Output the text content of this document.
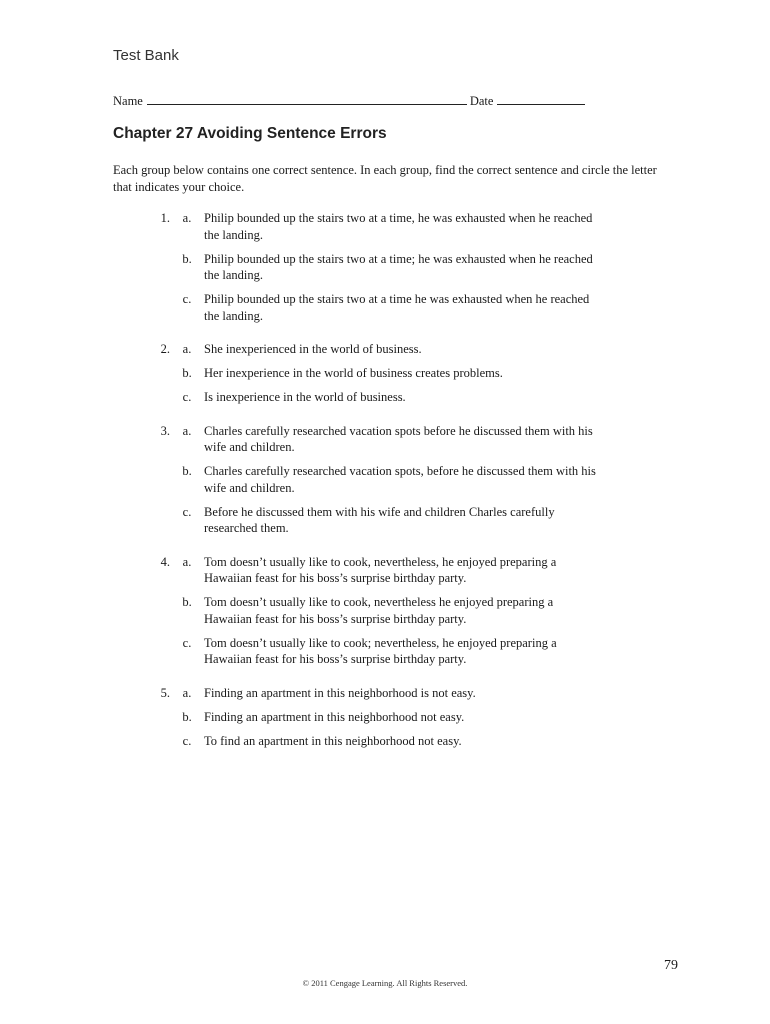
Test Bank
Name	Date
Chapter 27 Avoiding Sentence Errors
Each group below contains one correct sentence. In each group, find the correct sentence and circle the letter that indicates your choice.
1.	a.	Philip bounded up the stairs two at a time, he was exhausted when he reached the landing.
b. Philip bounded up the stairs two at a time; he was exhausted when he reached the landing.
c.	Philip bounded up the stairs two at a time he was exhausted when he reached the landing.
2.	a.	She inexperienced in the world of business.
b. Her inexperience in the world of business creates problems.
c.	Is inexperience in the world of business.
3.	a.	Charles carefully researched vacation spots before he discussed them with his wife and children.
b. Charles carefully researched vacation spots, before he discussed them with his wife and children.
c.	Before he discussed them with his wife and children Charles carefully researched them.
4.	a.	Tom doesn’t usually like to cook, nevertheless, he enjoyed preparing a Hawaiian feast for his boss’s surprise birthday party.
b. Tom doesn’t usually like to cook, nevertheless he enjoyed preparing a Hawaiian feast for his boss’s surprise birthday party.
c.	Tom doesn’t usually like to cook; nevertheless, he enjoyed preparing a Hawaiian feast for his boss’s surprise birthday party.
5.	a.	Finding an apartment in this neighborhood is not easy.
b. Finding an apartment in this neighborhood not easy.
c.	To find an apartment in this neighborhood not easy.
79
© 2011 Cengage Learning. All Rights Reserved.
